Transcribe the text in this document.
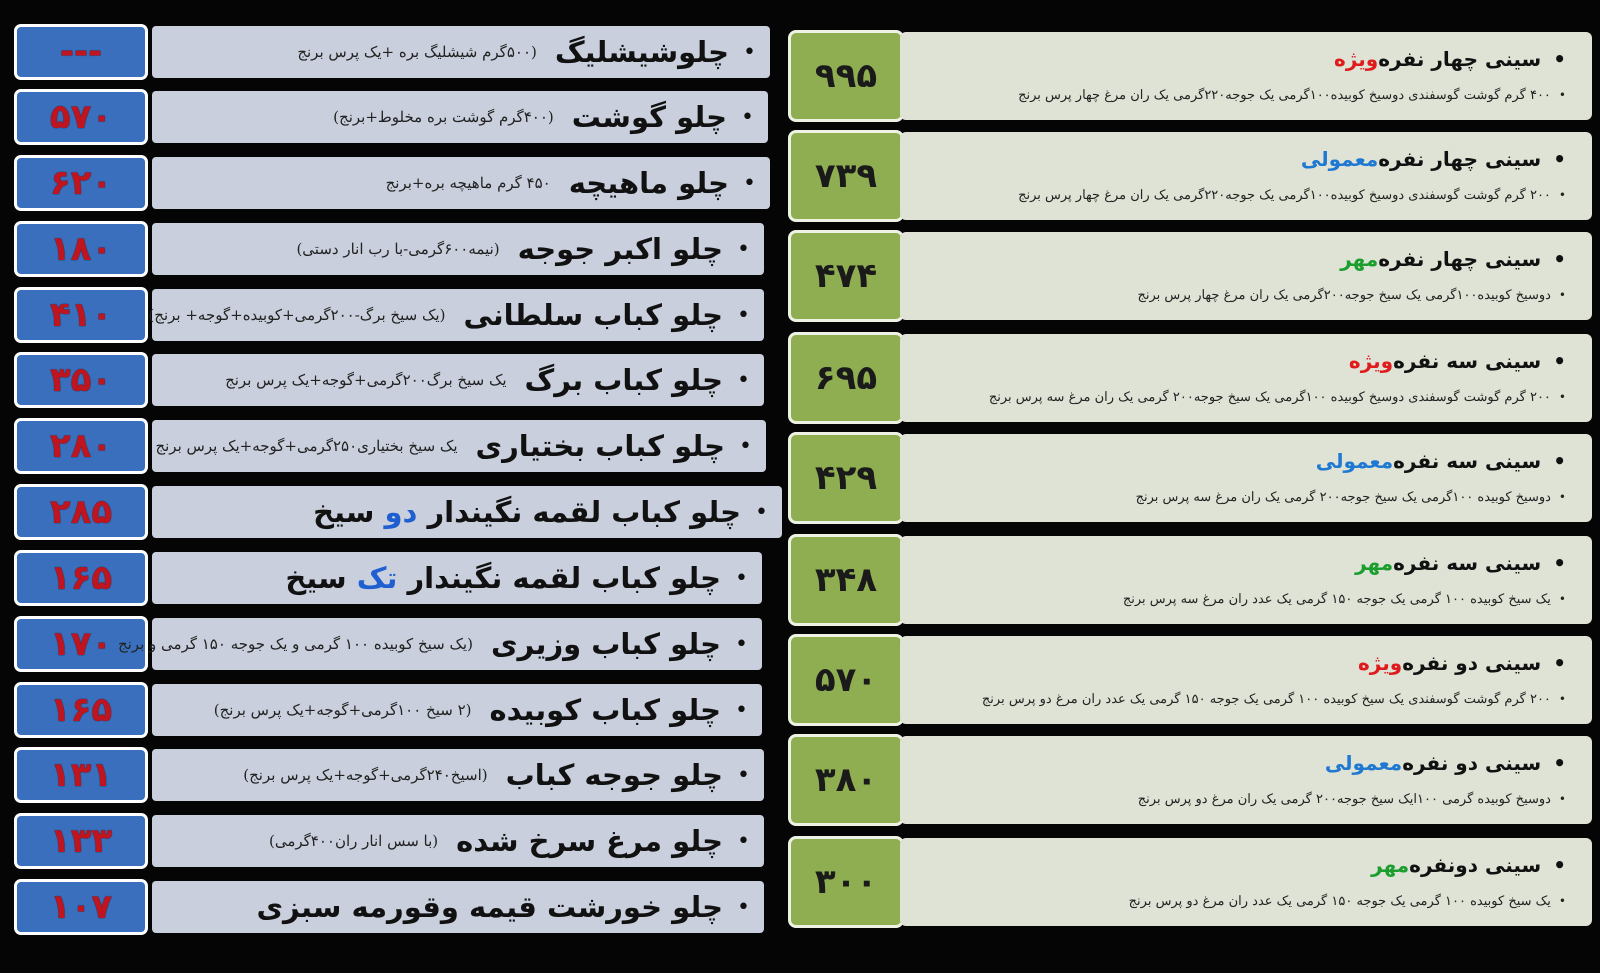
---	•
چلوشیشلیگ
(۵۰۰گرم شیشلیگ بره +یک پرس برنج
۵۷۰	•
چلو گوشت
(۴۰۰گرم گوشت بره مخلوط+برنج)
۶۲۰	•
چلو ماهیچه
۴۵۰ گرم ماهیچه بره+برنج
۱۸۰	•
چلو اکبر جوجه
(نیمه۶۰۰گرمی-با رب انار دستی)
۴۱۰	•
چلو کباب سلطانی
(یک سیخ برگ-۲۰۰گرمی+کوبیده+گوجه+ برنج)
۳۵۰	•
چلو کباب برگ
یک سیخ برگ۲۰۰گرمی+گوجه+یک پرس برنج
۲۸۰	•
چلو کباب بختیاری
یک سیخ بختیاری۲۵۰گرمی+گوجه+یک پرس برنج
۲۸۵	•
چلو کباب لقمه نگیندار دو سیخ
۱۶۵	•
چلو کباب لقمه نگیندار تک سیخ
۱۷۰	•
چلو کباب وزیری
(یک سیخ کوبیده ۱۰۰ گرمی و یک جوجه ۱۵۰ گرمی و برنج
۱۶۵	•
چلو کباب کوبیده
(۲ سیخ ۱۰۰گرمی+گوجه+یک پرس برنج)
۱۳۱	•
چلو جوجه کباب
(اسیخ۲۴۰گرمی+گوجه+یک پرس برنج)
۱۳۳	•
چلو مرغ سرخ شده
(با سس انار ران۴۰۰گرمی)
۱۰۷	•
چلو خورشت قیمه وقورمه سبزی
۹۹۵	•
سینی چهار نفره
ویژه
•
۴۰۰ گرم گوشت گوسفندی دوسیخ کوبیده۱۰۰گرمی یک جوجه۲۲۰گرمی یک ران مرغ چهار پرس برنج
۷۳۹	•
سینی چهار نفره
معمولی
•
۲۰۰ گرم گوشت گوسفندی دوسیخ کوبیده۱۰۰گرمی یک جوجه۲۲۰گرمی یک ران مرغ چهار پرس برنج
۴۷۴	•
سینی چهار نفره
مهر
•
دوسیخ کوبیده۱۰۰گرمی یک سیخ جوجه۲۰۰گرمی یک ران مرغ چهار پرس برنج
۶۹۵	•
سینی سه نفره
ویژه
•
۲۰۰ گرم گوشت گوسفندی دوسیخ کوبیده ۱۰۰گرمی یک سیخ جوجه۲۰۰ گرمی یک ران مرغ سه پرس برنج
۴۲۹	•
سینی سه نفره
معمولی
•
دوسیخ کوبیده ۱۰۰گرمی یک سیخ جوجه۲۰۰ گرمی یک ران مرغ سه پرس برنج
۳۴۸	•
سینی سه نفره
مهر
•
یک سیخ کوبیده ۱۰۰ گرمی یک جوجه ۱۵۰ گرمی یک عدد ران مرغ سه پرس برنج
۵۷۰	•
سینی دو نفره
ویژه
•
۲۰۰ گرم گوشت گوسفندی یک سیخ کوبیده ۱۰۰ گرمی یک جوجه ۱۵۰ گرمی یک عدد ران مرغ دو پرس برنج
۳۸۰	•
سینی دو نفره
معمولی
•
دوسیخ کوبیده گرمی ۱۰۰ایک سیخ جوجه۲۰۰ گرمی یک ران مرغ دو پرس برنج
۳۰۰	•
سینی دونفره
مهر
•
یک سیخ کوبیده ۱۰۰ گرمی یک جوجه ۱۵۰ گرمی یک عدد ران مرغ دو پرس برنج
